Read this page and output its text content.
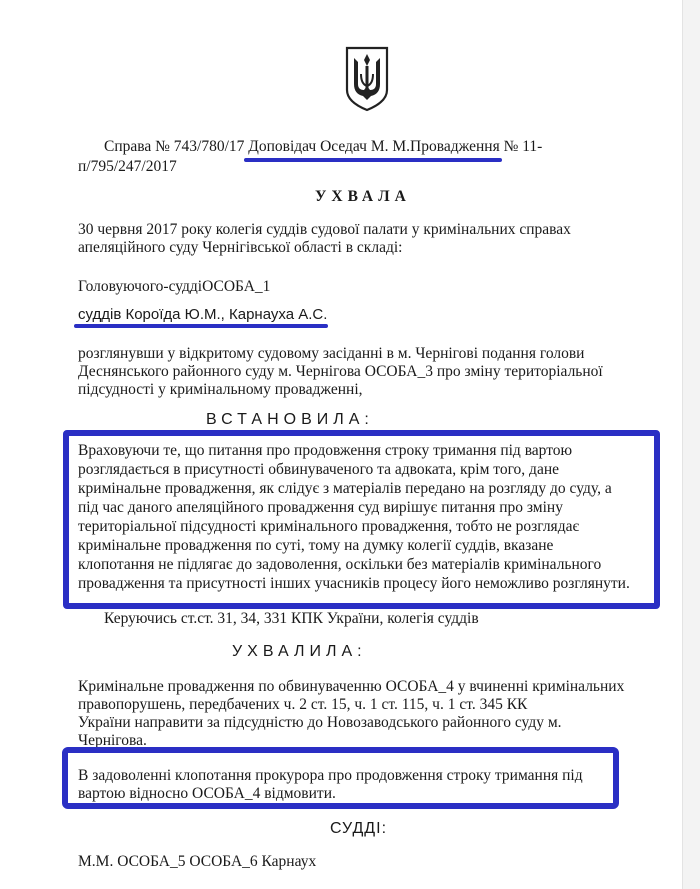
Справа № 743/780/17 Доповідач Оседач М. М.Провадження № 11-
п/795/247/2017
УХВАЛА
30 червня 2017 року колегія суддів судової палати у кримінальних справах
апеляційного суду Чернігівської області в складі:
Головуючого-суддіОСОБА_1
суддів Короїда Ю.М., Карнауха А.С.
розглянувши у відкритому судовому засіданні в м. Чернігові подання голови
Деснянського районного суду м. Чернігова ОСОБА_3 про зміну територіальної
підсудності у кримінальному провадженні,
ВСТАНОВИЛА:
Враховуючи те, що питання про продовження строку тримання під вартою
розглядається в присутності обвинуваченого та адвоката, крім того, дане
кримінальне провадження, як слідує з матеріалів передано на розгляду до суду, а
під час даного апеляційного провадження суд вирішує питання про зміну
територіальної підсудності кримінального провадження, тобто не розглядає
кримінальне провадження по суті, тому на думку колегії суддів, вказане
клопотання не підлягає до задоволення, оскільки без матеріалів кримінального
провадження та присутності інших учасників процесу його неможливо розглянути.
Керуючись ст.ст. 31, 34, 331 КПК України, колегія суддів
УХВАЛИЛА:
Кримінальне провадження по обвинуваченню ОСОБА_4 у вчиненні кримінальних
правопорушень, передбачених ч. 2 ст. 15, ч. 1 ст. 115, ч. 1 ст. 345 КК
України направити за підсудністю до Новозаводського районного суду м.
Чернігова.
В задоволенні клопотання прокурора про продовження строку тримання під
вартою відносно ОСОБА_4 відмовити.
СУДДІ:
М.М. ОСОБА_5 ОСОБА_6 Карнаух
